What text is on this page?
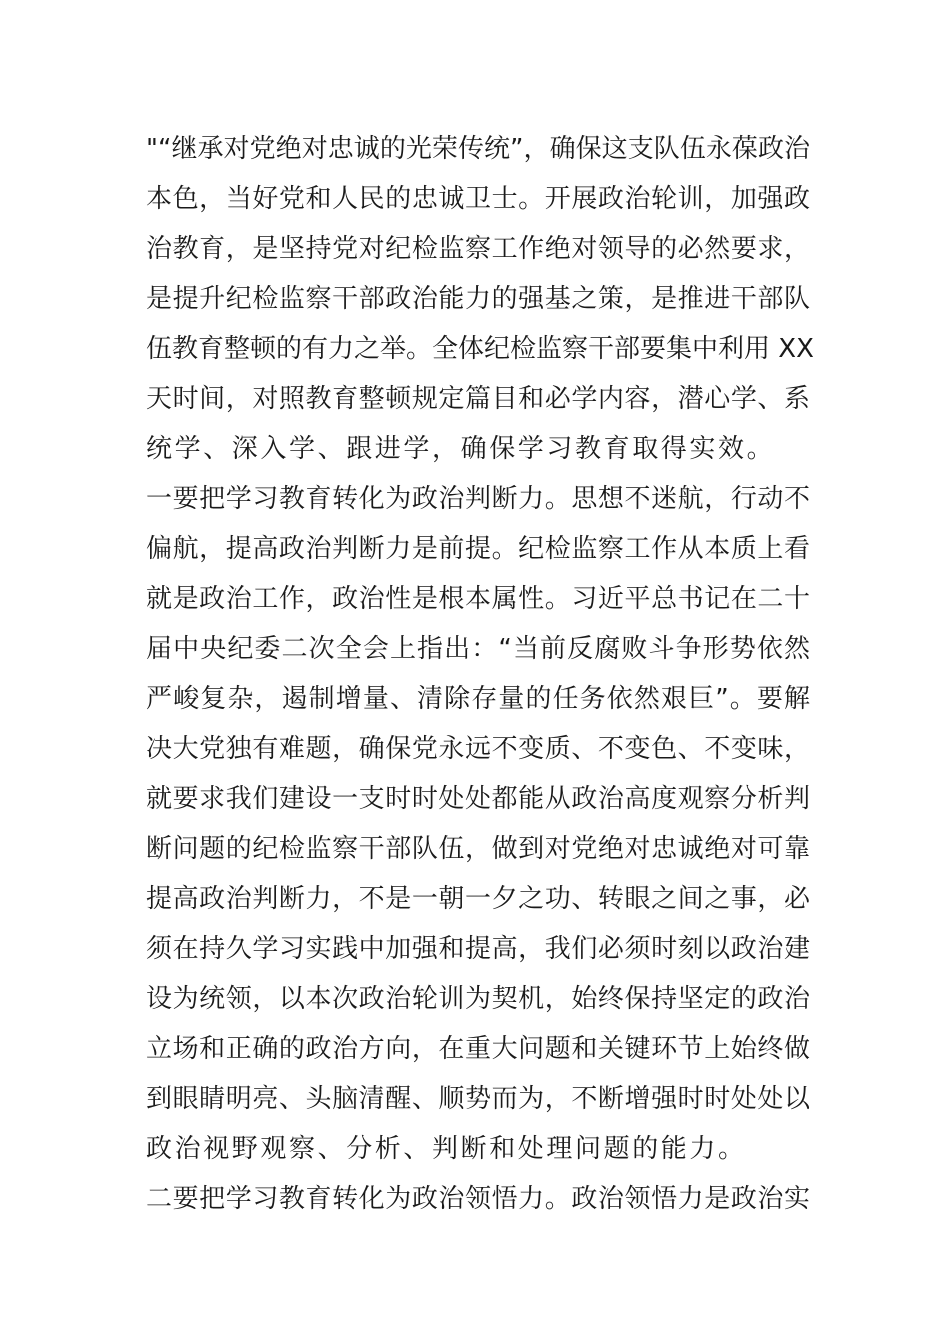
"“继承对党绝对忠诚的光荣传统”，确保这支队伍永葆政治
本色，当好党和人民的忠诚卫士。开展政治轮训，加强政
治教育，是坚持党对纪检监察工作绝对领导的必然要求，
是提升纪检监察干部政治能力的强基之策，是推进干部队
伍教育整顿的有力之举。全体纪检监察干部要集中利用 XX
天时间，对照教育整顿规定篇目和必学内容，潜心学、系
统学、深入学、跟进学，确保学习教育取得实效。
一要把学习教育转化为政治判断力。思想不迷航，行动不
偏航，提高政治判断力是前提。纪检监察工作从本质上看
就是政治工作，政治性是根本属性。习近平总书记在二十
届中央纪委二次全会上指出：“当前反腐败斗争形势依然
严峻复杂，遏制增量、清除存量的任务依然艰巨”。要解
决大党独有难题，确保党永远不变质、不变色、不变味，
就要求我们建设一支时时处处都能从政治高度观察分析判
断问题的纪检监察干部队伍，做到对党绝对忠诚绝对可靠
提高政治判断力，不是一朝一夕之功、转眼之间之事，必
须在持久学习实践中加强和提高，我们必须时刻以政治建
设为统领，以本次政治轮训为契机，始终保持坚定的政治
立场和正确的政治方向，在重大问题和关键环节上始终做
到眼睛明亮、头脑清醒、顺势而为，不断增强时时处处以
政治视野观察、分析、判断和处理问题的能力。
二要把学习教育转化为政治领悟力。政治领悟力是政治实
